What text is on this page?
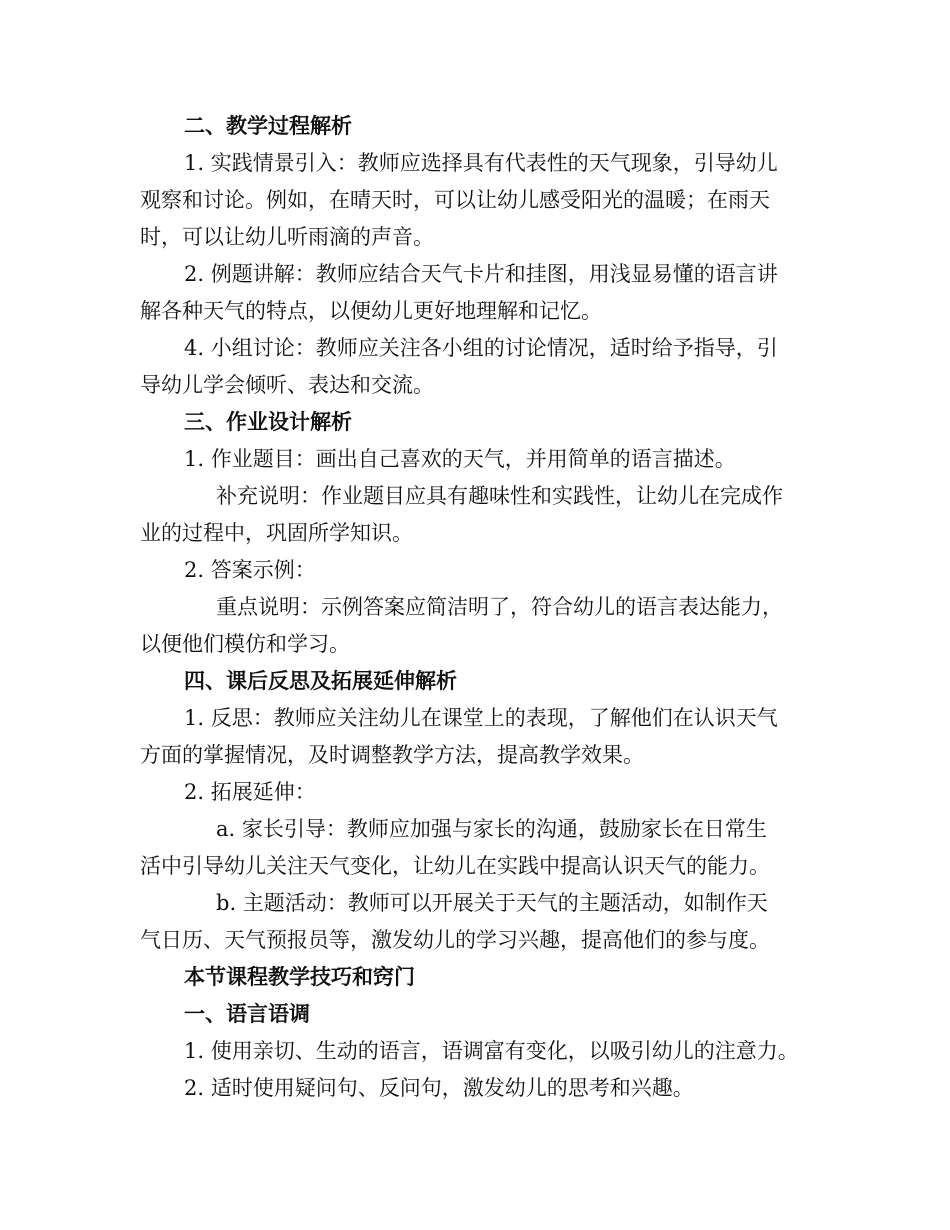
二、教学过程解析
1. 实践情景引入：教师应选择具有代表性的天气现象，引导幼儿
观察和讨论。例如，在晴天时，可以让幼儿感受阳光的温暖；在雨天
时，可以让幼儿听雨滴的声音。
2. 例题讲解：教师应结合天气卡片和挂图，用浅显易懂的语言讲
解各种天气的特点，以便幼儿更好地理解和记忆。
4. 小组讨论：教师应关注各小组的讨论情况，适时给予指导，引
导幼儿学会倾听、表达和交流。
三、作业设计解析
1. 作业题目：画出自己喜欢的天气，并用简单的语言描述。
补充说明：作业题目应具有趣味性和实践性，让幼儿在完成作
业的过程中，巩固所学知识。
2. 答案示例：
重点说明：示例答案应简洁明了，符合幼儿的语言表达能力，
以便他们模仿和学习。
四、课后反思及拓展延伸解析
1. 反思：教师应关注幼儿在课堂上的表现，了解他们在认识天气
方面的掌握情况，及时调整教学方法，提高教学效果。
2. 拓展延伸：
a. 家长引导：教师应加强与家长的沟通，鼓励家长在日常生
活中引导幼儿关注天气变化，让幼儿在实践中提高认识天气的能力。
b. 主题活动：教师可以开展关于天气的主题活动，如制作天
气日历、天气预报员等，激发幼儿的学习兴趣，提高他们的参与度。
本节课程教学技巧和窍门
一、语言语调
1. 使用亲切、生动的语言，语调富有变化，以吸引幼儿的注意力。
2. 适时使用疑问句、反问句，激发幼儿的思考和兴趣。
